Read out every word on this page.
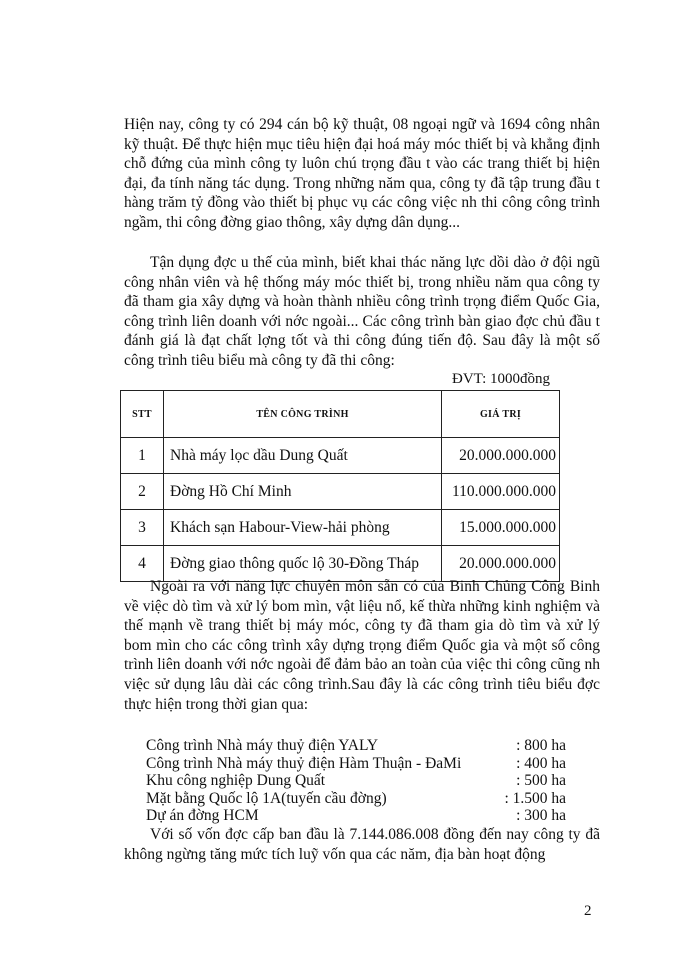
Hiện nay, công ty có 294 cán bộ kỹ thuật, 08 ngoại ngữ và 1694 công nhân kỹ thuật. Để thực hiện mục tiêu hiện đại hoá máy móc thiết bị và khẳng định chỗ đứng của mình công ty luôn chú trọng đầu t vào các trang thiết bị hiện đại, đa tính năng tác dụng. Trong những năm qua, công ty đã tập trung đầu t hàng trăm tỷ đồng vào thiết bị phục vụ các công việc nh thi công công trình ngầm, thi công đờng giao thông, xây dựng dân dụng...

Tận dụng đợc u thế của mình, biết khai thác năng lực dồi dào ở đội ngũ công nhân viên và hệ thống máy móc thiết bị, trong nhiều năm qua công ty đã tham gia xây dựng và hoàn thành nhiều công trình trọng điểm Quốc Gia, công trình liên doanh với nớc ngoài... Các công trình bàn giao đợc chủ đầu t đánh giá là đạt chất lợng tốt và thi công đúng tiến độ. Sau đây là một số công trình tiêu biểu mà công ty đã thi công:

ĐVT: 1000đồng
STT	TÊN CÔNG TRÌNH	GIÁ TRỊ
1	Nhà máy lọc dầu Dung Quất	20.000.000.000
2	Đờng Hồ Chí Minh	110.000.000.000
3	Khách sạn Habour-View-hải phòng	15.000.000.000
4	Đờng giao thông quốc lộ 30-Đồng Tháp	20.000.000.000

Ngoài ra với năng lực chuyên môn sẵn có của Binh Chủng Công Binh về việc dò tìm và xử lý bom mìn, vật liệu nổ, kế thừa những kinh nghiệm và thế mạnh về trang thiết bị máy móc, công ty đã tham gia dò tìm và xử lý bom mìn cho các công trình xây dựng trọng điểm Quốc gia và một số công trình liên doanh với nớc ngoài để đảm bảo an toàn của việc thi công cũng nh việc sử dụng lâu dài các công trình.Sau đây là các công trình tiêu biểu đợc thực hiện trong thời gian qua:

Công trình Nhà máy thuỷ điện YALY	: 800 ha
Công trình Nhà máy thuỷ điện Hàm Thuận - ĐaMi	: 400 ha
Khu công nghiệp Dung Quất	: 500 ha
Mặt bằng Quốc lộ 1A(tuyến cầu đờng)	: 1.500 ha
Dự án đờng HCM	: 300 ha

Với số vốn đợc cấp ban đầu là 7.144.086.008 đồng đến nay công ty đã không ngừng tăng mức tích luỹ vốn qua các năm, địa bàn hoạt động

2
